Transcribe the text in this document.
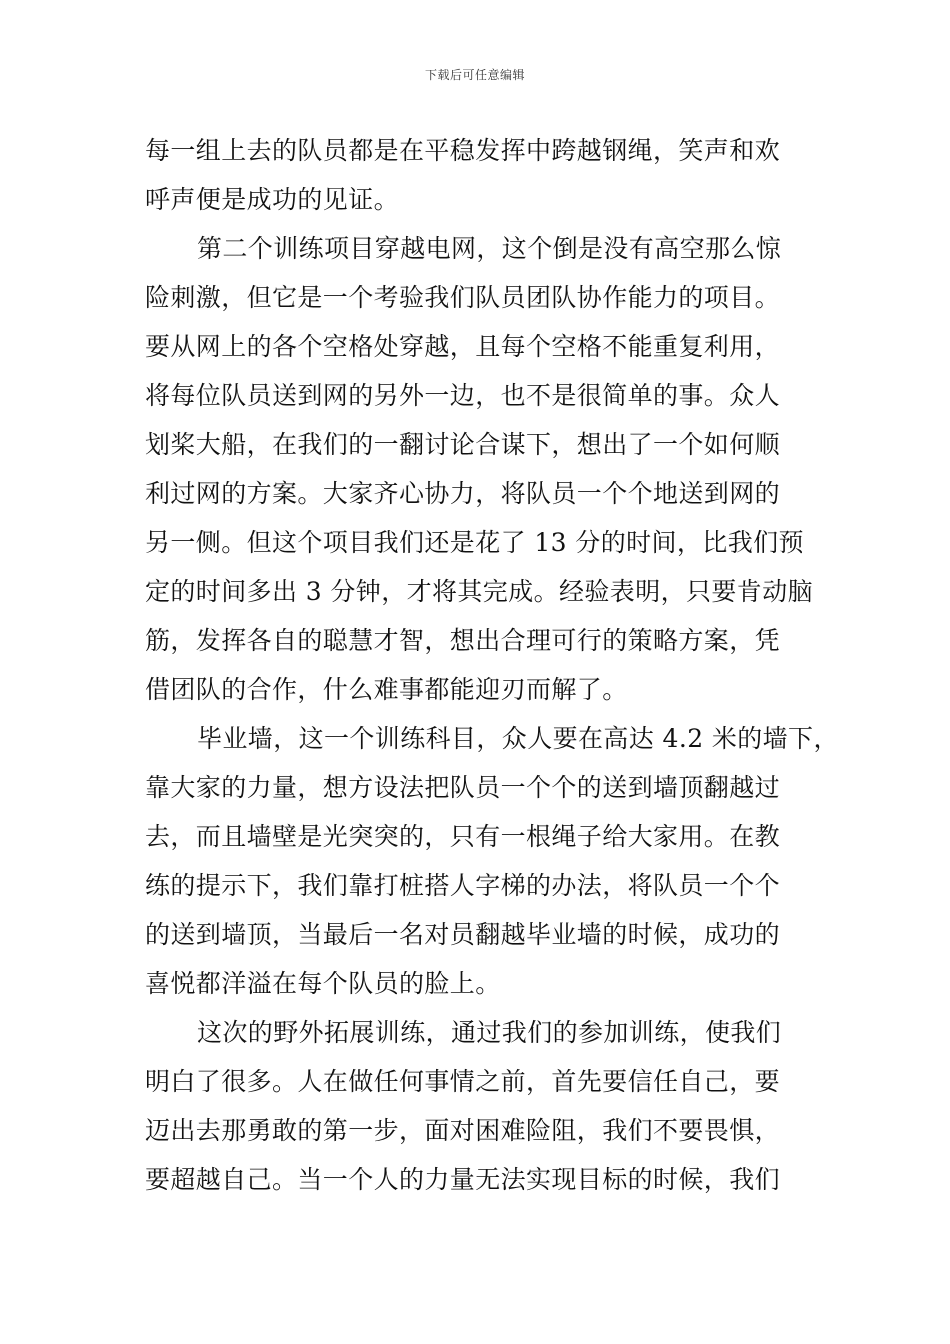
下载后可任意编辑
每一组上去的队员都是在平稳发挥中跨越钢绳，笑声和欢
呼声便是成功的见证。
第二个训练项目穿越电网，这个倒是没有高空那么惊
险刺激，但它是一个考验我们队员团队协作能力的项目。
要从网上的各个空格处穿越，且每个空格不能重复利用，
将每位队员送到网的另外一边，也不是很简单的事。众人
划桨大船，在我们的一翻讨论合谋下，想出了一个如何顺
利过网的方案。大家齐心协力，将队员一个个地送到网的
另一侧。但这个项目我们还是花了 13 分的时间，比我们预
定的时间多出 3 分钟，才将其完成。经验表明，只要肯动脑
筋，发挥各自的聪慧才智，想出合理可行的策略方案，凭
借团队的合作，什么难事都能迎刃而解了。
毕业墙，这一个训练科目，众人要在高达 4.2 米的墙下，
靠大家的力量，想方设法把队员一个个的送到墙顶翻越过
去，而且墙壁是光突突的，只有一根绳子给大家用。在教
练的提示下，我们靠打桩搭人字梯的办法，将队员一个个
的送到墙顶，当最后一名对员翻越毕业墙的时候，成功的
喜悦都洋溢在每个队员的脸上。
这次的野外拓展训练，通过我们的参加训练，使我们
明白了很多。人在做任何事情之前，首先要信任自己，要
迈出去那勇敢的第一步，面对困难险阻，我们不要畏惧，
要超越自己。当一个人的力量无法实现目标的时候，我们
